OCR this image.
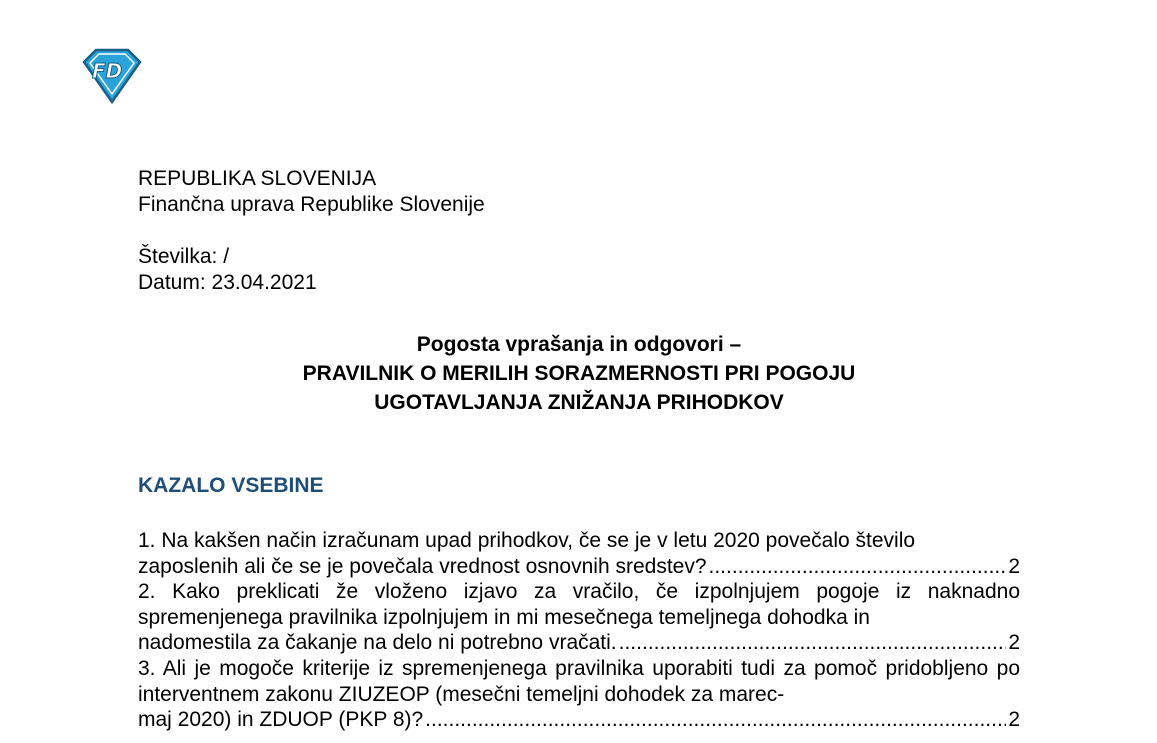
FD
REPUBLIKA SLOVENIJA
Finančna uprava Republike Slovenije
Številka: /
Datum: 23.04.2021
Pogosta vprašanja in odgovori –
PRAVILNIK O MERILIH SORAZMERNOSTI PRI POGOJU
UGOTAVLJANJA ZNIŽANJA PRIHODKOV
KAZALO VSEBINE
1. Na kakšen način izračunam upad prihodkov, če se je v letu 2020 povečalo število
zaposlenih ali če se je povečala vrednost osnovnih sredstev? .....	2
2. Kako preklicati že vloženo izjavo za vračilo, če izpolnjujem pogoje iz naknadno spremenjenega pravilnika izpolnjujem in mi mesečnega temeljnega dohodka in
nadomestila za čakanje na delo ni potrebno vračati. .....	2
3. Ali je mogoče kriterije iz spremenjenega pravilnika uporabiti tudi za pomoč pridobljeno po interventnem zakonu ZIUZEOP (mesečni temeljni dohodek za marec-
maj 2020) in ZDUOP (PKP 8)? .....	2
